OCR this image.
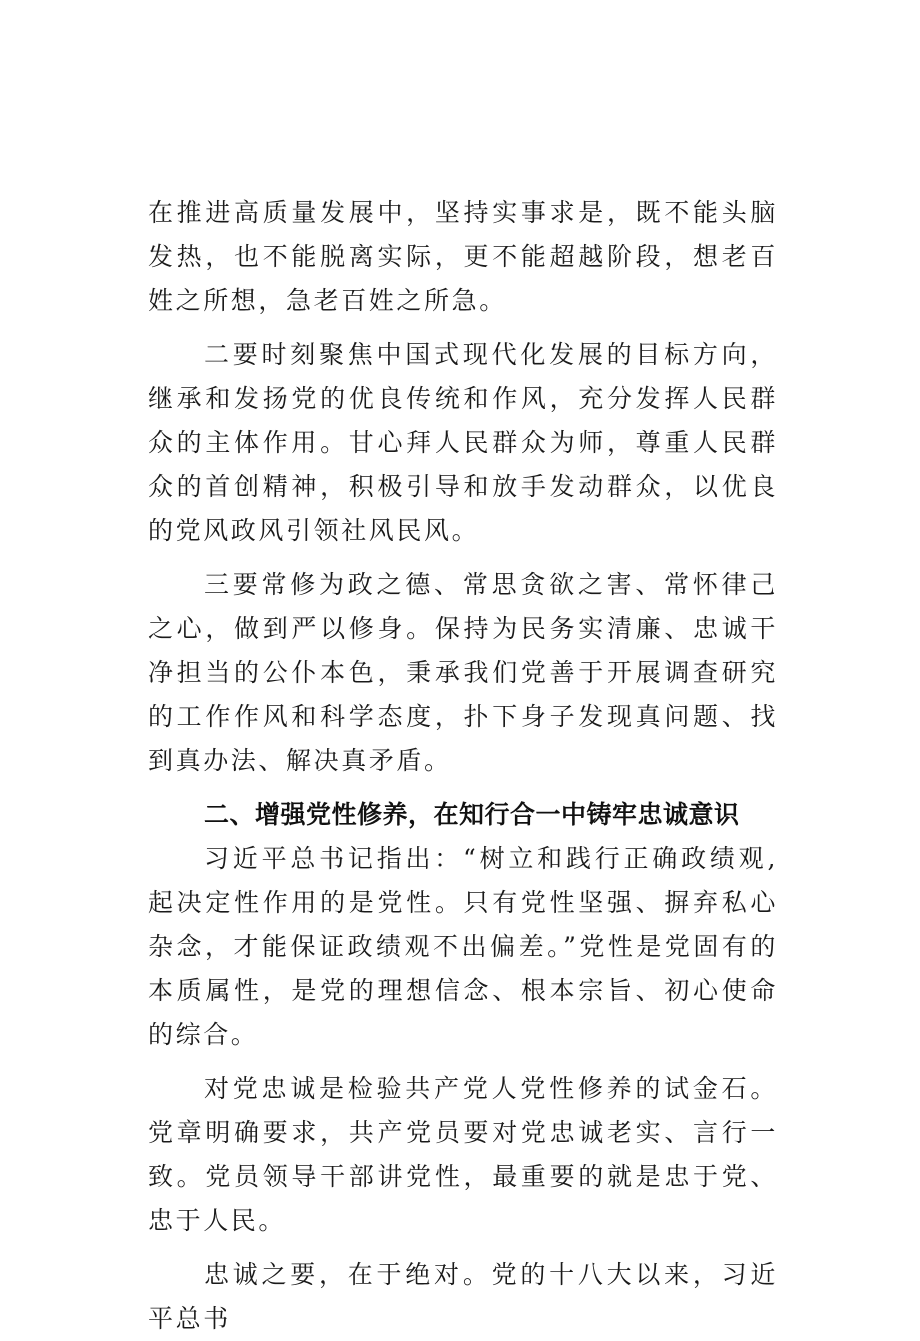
在推进高质量发展中，坚持实事求是，既不能头脑发热，也不能脱离实际，更不能超越阶段，想老百姓之所想，急老百姓之所急。

二要时刻聚焦中国式现代化发展的目标方向，继承和发扬党的优良传统和作风，充分发挥人民群众的主体作用。甘心拜人民群众为师，尊重人民群众的首创精神，积极引导和放手发动群众，以优良的党风政风引领社风民风。

三要常修为政之德、常思贪欲之害、常怀律己之心，做到严以修身。保持为民务实清廉、忠诚干净担当的公仆本色，秉承我们党善于开展调查研究的工作作风和科学态度，扑下身子发现真问题、找到真办法、解决真矛盾。

二、增强党性修养，在知行合一中铸牢忠诚意识

习近平总书记指出：“树立和践行正确政绩观,起决定性作用的是党性。只有党性坚强、摒弃私心杂念，才能保证政绩观不出偏差。”党性是党固有的本质属性，是党的理想信念、根本宗旨、初心使命的综合。

对党忠诚是检验共产党人党性修养的试金石。党章明确要求，共产党员要对党忠诚老实、言行一致。党员领导干部讲党性，最重要的就是忠于党、忠于人民。

忠诚之要，在于绝对。党的十八大以来，习近平总书
